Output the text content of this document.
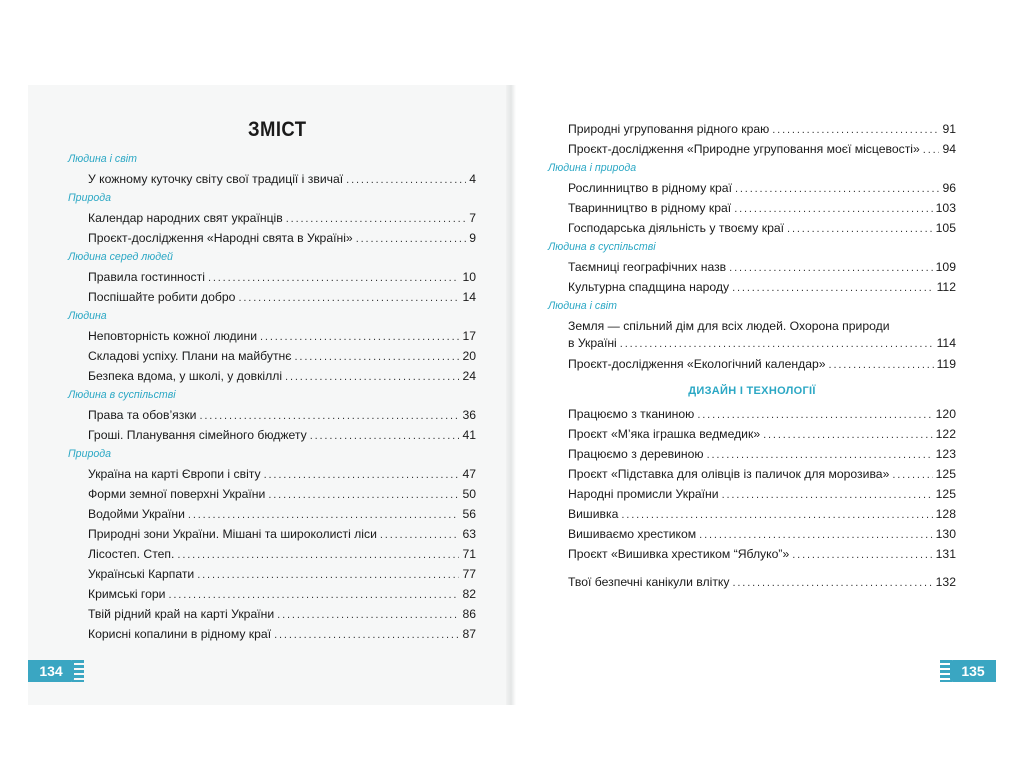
ЗМІСТ
Людина і світ
У кожному куточку світу свої традиції і звичаї . . .	4
Природа
Календар народних свят українців . . .	7
Проєкт-дослідження «Народні свята в Україні» . . .	9
Людина серед людей
Правила гостинності . . .	10
Поспішайте робити добро . . .	14
Людина
Неповторність кожної людини . . .	17
Складові успіху. Плани на майбутнє . . .	20
Безпека вдома, у школі, у довкіллі . . .	24
Людина в суспільстві
Права та обов’язки . . .	36
Гроші. Планування сімейного бюджету . . .	41
Природа
Україна на карті Європи і світу . . .	47
Форми земної поверхні України . . .	50
Водойми України . . .	56
Природні зони України. Мішані та широколисті ліси . . .	63
Лісостеп. Степ. . . .	71
Українські Карпати . . .	77
Кримські гори . . .	82
Твій рідний край на карті України . . .	86
Корисні копалини в рідному краї . . .	87
Природні угруповання рідного краю . . .	91
Проєкт-дослідження «Природне угруповання моєї місцевості» . . . 94
Людина і природа
Рослинництво в рідному краї . . .	96
Тваринництво в рідному краї . . .	103
Господарська діяльність у твоєму краї . . .	105
Людина в суспільстві
Таємниці географічних назв . . .	109
Культурна спадщина народу . . .	112
Людина і світ
Земля — спільний дім для всіх людей. Охорона природи
в Україні . . .	114
Проєкт-дослідження «Екологічний календар» . . .	119
ДИЗАЙН І ТЕХНОЛОГІЇ
Працюємо з тканиною . . .	120
Проєкт «М’яка іграшка ведмедик» . . .	122
Працюємо з деревиною . . .	123
Проєкт «Підставка для олівців із паличок для морозива» . . .	125
Народні промисли України . . .	125
Вишивка . . .	128
Вишиваємо хрестиком . . .	130
Проєкт «Вишивка хрестиком “Яблуко”» . . .	131
Твої безпечні канікули влітку . . .	132
134	135
